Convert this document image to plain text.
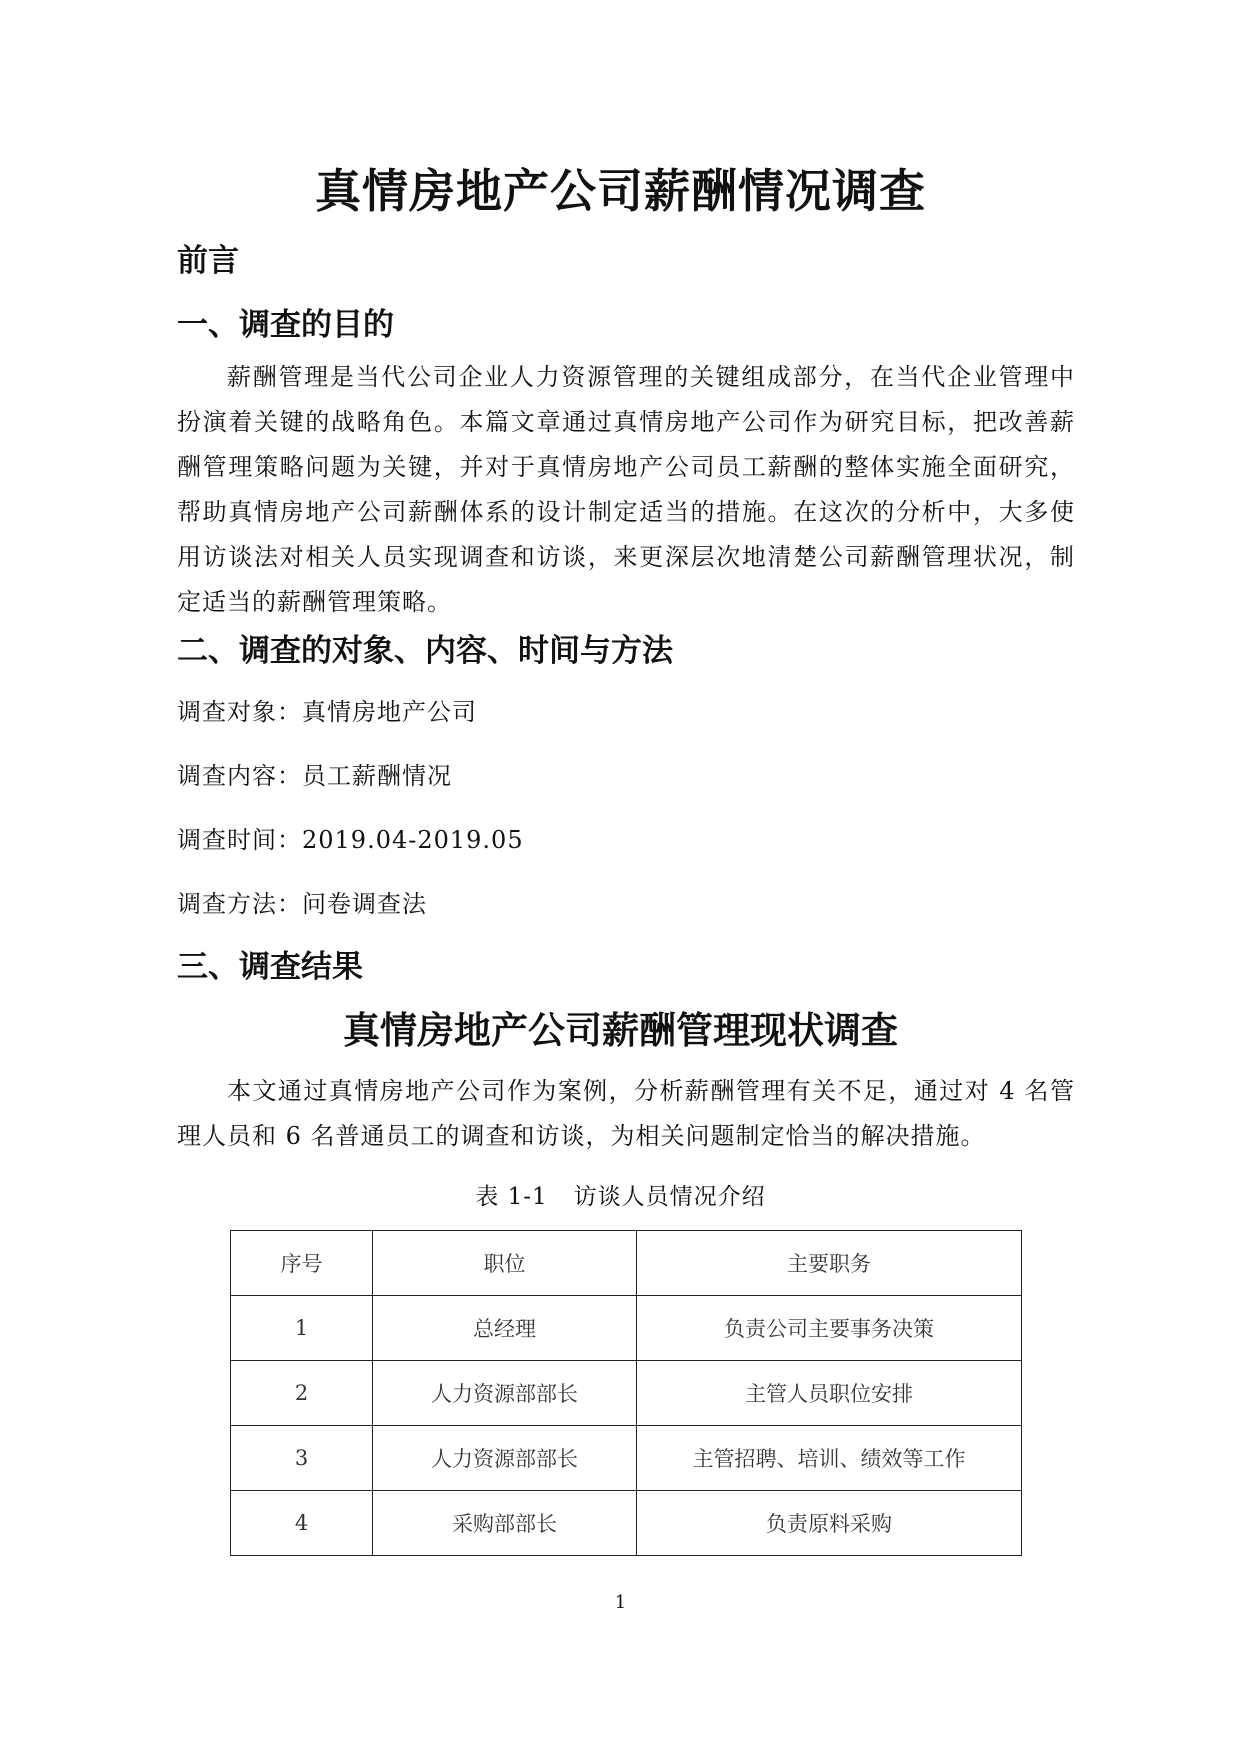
真情房地产公司薪酬情况调查
前言
一、调查的目的

薪酬管理是当代公司企业人力资源管理的关键组成部分，在当代企业管理中扮演着关键的战略角色。本篇文章通过真情房地产公司作为研究目标，把改善薪酬管理策略问题为关键，并对于真情房地产公司员工薪酬的整体实施全面研究，帮助真情房地产公司薪酬体系的设计制定适当的措施。在这次的分析中，大多使用访谈法对相关人员实现调查和访谈，来更深层次地清楚公司薪酬管理状况，制定适当的薪酬管理策略。

二、调查的对象、内容、时间与方法

调查对象：真情房地产公司

调查内容：员工薪酬情况

调查时间：2019.04-2019.05

调查方法：问卷调查法

三、调查结果
真情房地产公司薪酬管理现状调查

本文通过真情房地产公司作为案例，分析薪酬管理有关不足，通过对 4 名管理人员和 6 名普通员工的调查和访谈，为相关问题制定恰当的解决措施。

表 1-1 访谈人员情况介绍

序号	职位	主要职务
1	总经理	负责公司主要事务决策
2	人力资源部部长	主管人员职位安排
3	人力资源部部长	主管招聘、培训、绩效等工作
4	采购部部长	负责原料采购

1
